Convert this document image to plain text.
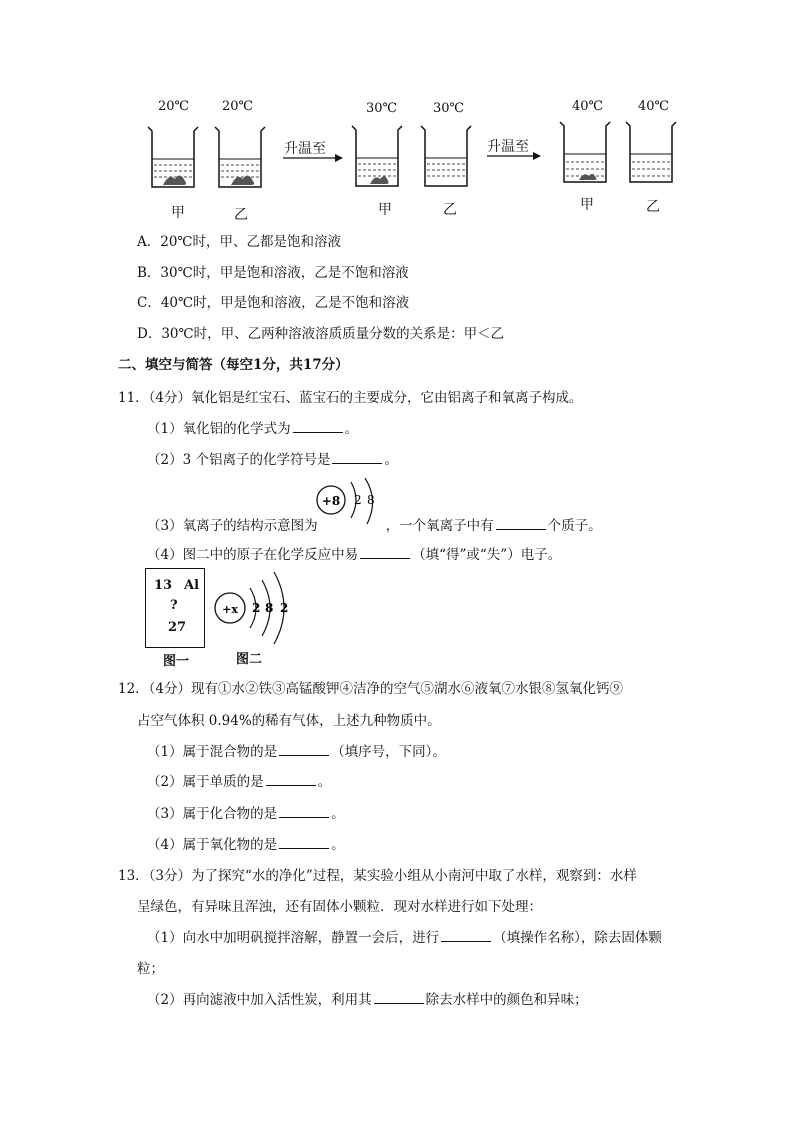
20℃	20℃	30℃	30℃	40℃	40℃
升温至	升温至
甲	乙	甲	乙	甲	乙
A．20℃时，甲、乙都是饱和溶液
B．30℃时，甲是饱和溶液，乙是不饱和溶液
C．40℃时，甲是饱和溶液，乙是不饱和溶液
D．30℃时，甲、乙两种溶液溶质质量分数的关系是：甲＜乙
二、填空与简答（每空1分，共17分）
11．（4分）氧化铝是红宝石、蓝宝石的主要成分，它由铝离子和氧离子构成。
（1）氧化铝的化学式为	。
（2）3 个铝离子的化学符号是	。
+8 2 8
（3）氧离子的结构示意图为	，一个氧离子中有	个质子。
（4）图二中的原子在化学反应中易	（填“得”或“失”）电子。
13 Al
?
27
图一
+x 2 8 2
图二
12．（4分）现有①水②铁③高锰酸钾④洁净的空气⑤湖水⑥液氧⑦水银⑧氢氧化钙⑨
占空气体积 0.94%的稀有气体，上述九种物质中。
（1）属于混合物的是	（填序号，下同）。
（2）属于单质的是	。
（3）属于化合物的是	。
（4）属于氧化物的是	。
13．（3分）为了探究“水的净化”过程，某实验小组从小南河中取了水样，观察到：水样
呈绿色，有异味且浑浊，还有固体小颗粒．现对水样进行如下处理：
（1）向水中加明矾搅拌溶解，静置一会后，进行	（填操作名称），除去固体颗
粒；
（2）再向滤液中加入活性炭，利用其	除去水样中的颜色和异味；
